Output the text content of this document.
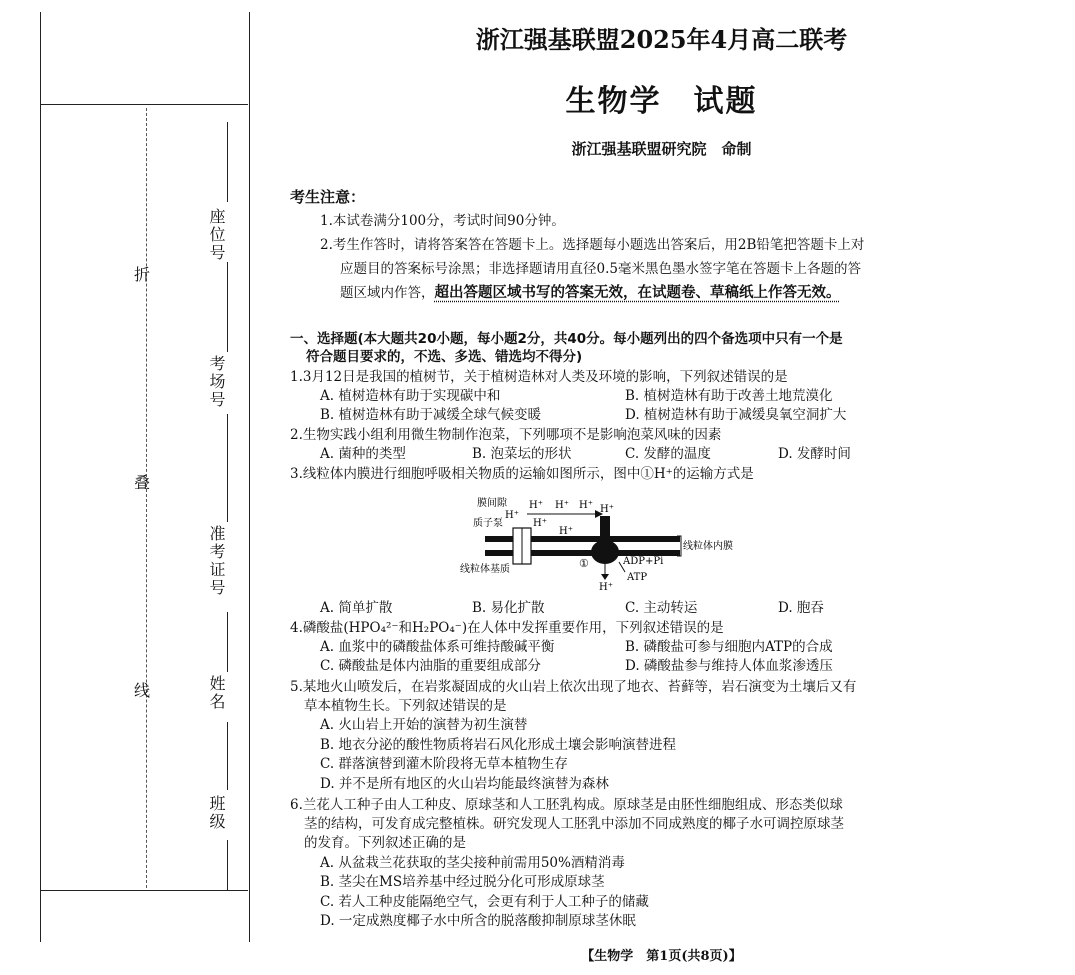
折
叠
线
座位号
考场号
准考证号
姓名
班级
浙江强基联盟2025年4月高二联考
生物学　试题
浙江强基联盟研究院　命制
考生注意：
1.本试卷满分100分，考试时间90分钟。
2.考生作答时，请将答案答在答题卡上。选择题每小题选出答案后，用2B铅笔把答题卡上对
应题目的答案标号涂黑；非选择题请用直径0.5毫米黑色墨水签字笔在答题卡上各题的答
题区域内作答，超出答题区域书写的答案无效，在试题卷、草稿纸上作答无效。
一、选择题(本大题共20小题，每小题2分，共40分。每小题列出的四个备选项中只有一个是
符合题目要求的，不选、多选、错选均不得分)
1.3月12日是我国的植树节，关于植树造林对人类及环境的影响，下列叙述错误的是
A. 植树造林有助于实现碳中和	B. 植树造林有助于改善土地荒漠化
B. 植树造林有助于减缓全球气候变暖	D. 植树造林有助于减缓臭氧空洞扩大
2.生物实践小组利用微生物制作泡菜，下列哪项不是影响泡菜风味的因素
A. 菌种的类型	B. 泡菜坛的形状	C. 发酵的温度	D. 发酵时间
3.线粒体内膜进行细胞呼吸相关物质的运输如图所示，图中①H⁺的运输方式是
膜间隙
质子泵
线粒体内膜
线粒体基质
H⁺ H⁺ H⁺
H⁺
H⁺
H⁺
H⁺
H⁺
①	ADP+Pi
ATP
A. 简单扩散	B. 易化扩散	C. 主动转运	D. 胞吞
4.磷酸盐(HPO₄²⁻和H₂PO₄⁻)在人体中发挥重要作用，下列叙述错误的是
A. 血浆中的磷酸盐体系可维持酸碱平衡	B. 磷酸盐可参与细胞内ATP的合成
C. 磷酸盐是体内油脂的重要组成部分	D. 磷酸盐参与维持人体血浆渗透压
5.某地火山喷发后，在岩浆凝固成的火山岩上依次出现了地衣、苔藓等，岩石演变为土壤后又有
草本植物生长。下列叙述错误的是
A. 火山岩上开始的演替为初生演替
B. 地衣分泌的酸性物质将岩石风化形成土壤会影响演替进程
C. 群落演替到灌木阶段将无草本植物生存
D. 并不是所有地区的火山岩均能最终演替为森林
6.兰花人工种子由人工种皮、原球茎和人工胚乳构成。原球茎是由胚性细胞组成、形态类似球
茎的结构，可发育成完整植株。研究发现人工胚乳中添加不同成熟度的椰子水可调控原球茎
的发育。下列叙述正确的是
A. 从盆栽兰花获取的茎尖接种前需用50%酒精消毒
B. 茎尖在MS培养基中经过脱分化可形成原球茎
C. 若人工种皮能隔绝空气，会更有利于人工种子的储藏
D. 一定成熟度椰子水中所含的脱落酸抑制原球茎休眠
【生物学　第1页(共8页)】
